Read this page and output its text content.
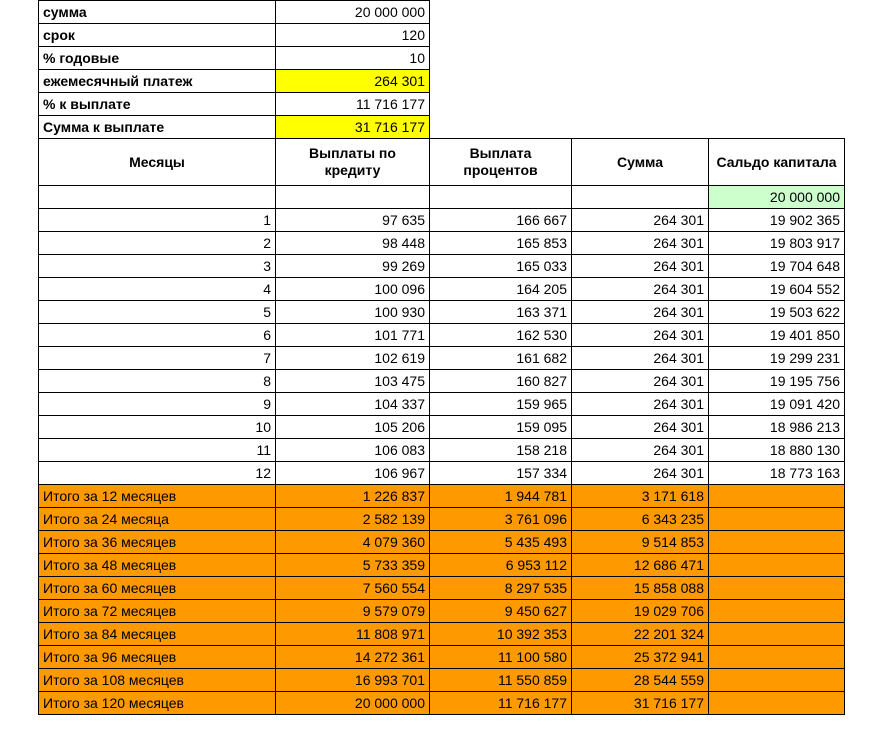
сумма	20 000 000			
срок	120			
% годовые	10			
ежемесячный платеж	264 301			
% к выплате	11 716 177			
Сумма к выплате	31 716 177			
Месяцы	Выплаты по кредиту	Выплата процентов	Сумма	Сальдо капитала
				20 000 000
1	97 635	166 667	264 301	19 902 365
2	98 448	165 853	264 301	19 803 917
3	99 269	165 033	264 301	19 704 648
4	100 096	164 205	264 301	19 604 552
5	100 930	163 371	264 301	19 503 622
6	101 771	162 530	264 301	19 401 850
7	102 619	161 682	264 301	19 299 231
8	103 475	160 827	264 301	19 195 756
9	104 337	159 965	264 301	19 091 420
10	105 206	159 095	264 301	18 986 213
11	106 083	158 218	264 301	18 880 130
12	106 967	157 334	264 301	18 773 163
Итого за 12 месяцев	1 226 837	1 944 781	3 171 618	
Итого за 24 месяца	2 582 139	3 761 096	6 343 235	
Итого за 36 месяцев	4 079 360	5 435 493	9 514 853	
Итого за 48 месяцев	5 733 359	6 953 112	12 686 471	
Итого за 60 месяцев	7 560 554	8 297 535	15 858 088	
Итого за 72 месяцев	9 579 079	9 450 627	19 029 706	
Итого за 84 месяцев	11 808 971	10 392 353	22 201 324	
Итого за 96 месяцев	14 272 361	11 100 580	25 372 941	
Итого за 108 месяцев	16 993 701	11 550 859	28 544 559	
Итого за 120 месяцев	20 000 000	11 716 177	31 716 177	
